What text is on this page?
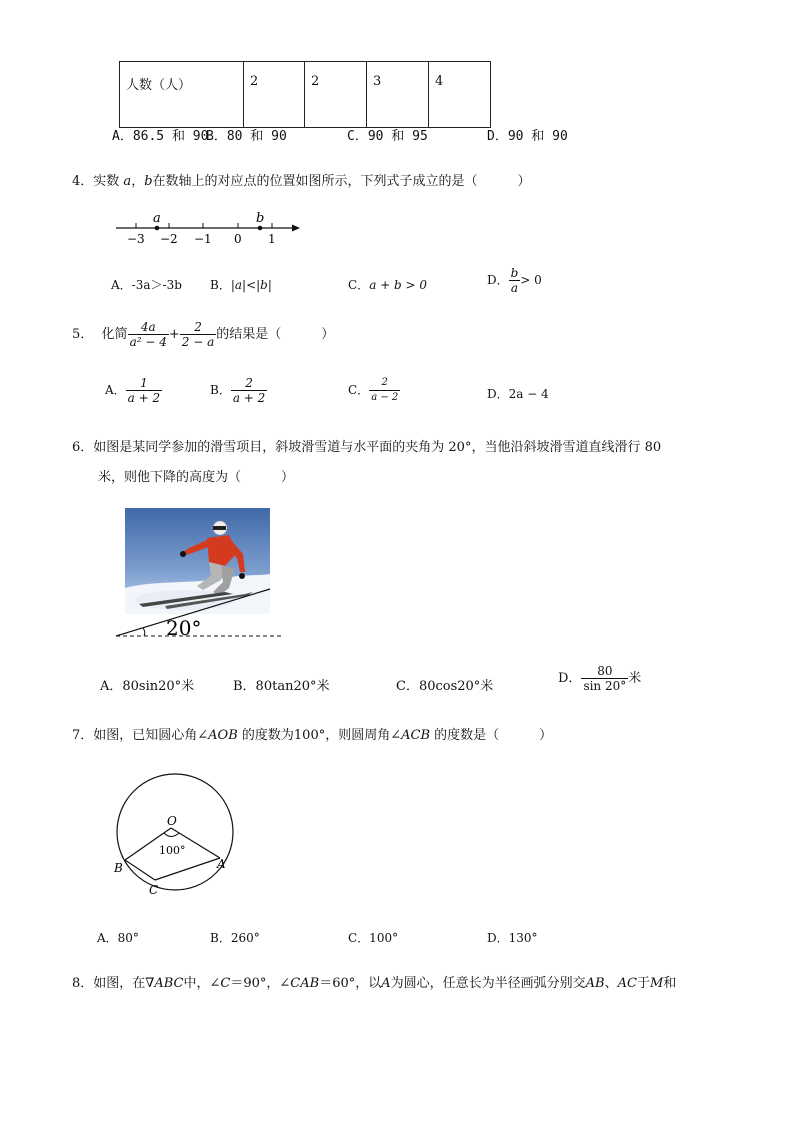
人数（人）	2	2	3	4
A．86.5 和 90
B．80 和 90	C．90 和 95	D．90 和 90
4．实数 a，b在数轴上的对应点的位置如图所示，下列式子成立的是（	）
a	b
−3 −2 −1 0 1
A．-3a＞-3b B．|a|<|b|	C．a + b > 0	D． $\frac{b}{a} > 0$
5． 化简 $\frac{4a}{\text{a² − 4}} + \frac{2}{2 - a}$ 的结果是（	）
A． $\frac{1}{a + 2}$	B． $\frac{2}{a + 2}$	C． $\frac{2}{a - 2}$	D．2a − 4
6．如图是某同学参加的滑雪项目，斜坡滑雪道与水平面的夹角为 20°，当他沿斜坡滑雪道直线滑行 80
米，则他下降的高度为（	）
20°
A．80sin20°米	B．80tan20°米	C．80cos20°米
D． $\frac{80}{\sin 20^\circ}$ 米
7．如图，已知圆心角∠AOB 的度数为100°，则圆周角∠ACB 的度数是（	）
O
A
B
C
100°
A．80°	B．260°	C．100°	D．130°
8．如图，在∇ABC中，∠C＝90°，∠CAB＝60°，以A为圆心，任意长为半径画弧分别交AB、AC于M和
